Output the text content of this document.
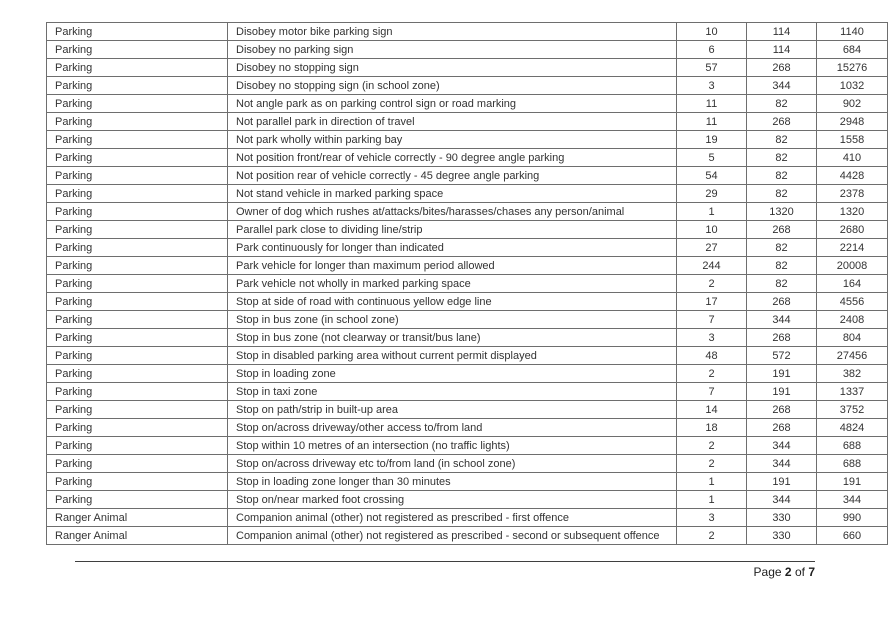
Parking	Disobey motor bike parking sign	10	114	1140
Parking	Disobey no parking sign	6	114	684
Parking	Disobey no stopping sign	57	268	15276
Parking	Disobey no stopping sign (in school zone)	3	344	1032
Parking	Not angle park as on parking control sign or road marking	11	82	902
Parking	Not parallel park in direction of travel	11	268	2948
Parking	Not park wholly within parking bay	19	82	1558
Parking	Not position front/rear of vehicle correctly - 90 degree angle parking	5	82	410
Parking	Not position rear of vehicle correctly - 45 degree angle parking	54	82	4428
Parking	Not stand vehicle in marked parking space	29	82	2378
Parking	Owner of dog which rushes at/attacks/bites/harasses/chases any person/animal	1	1320	1320
Parking	Parallel park close to dividing line/strip	10	268	2680
Parking	Park continuously for longer than indicated	27	82	2214
Parking	Park vehicle for longer than maximum period allowed	244	82	20008
Parking	Park vehicle not wholly in marked parking space	2	82	164
Parking	Stop at side of road with continuous yellow edge line	17	268	4556
Parking	Stop in bus zone (in school zone)	7	344	2408
Parking	Stop in bus zone (not clearway or transit/bus lane)	3	268	804
Parking	Stop in disabled parking area without current permit displayed	48	572	27456
Parking	Stop in loading zone	2	191	382
Parking	Stop in taxi zone	7	191	1337
Parking	Stop on path/strip in built-up area	14	268	3752
Parking	Stop on/across driveway/other access to/from land	18	268	4824
Parking	Stop within 10 metres of an intersection (no traffic lights)	2	344	688
Parking	Stop on/across driveway etc to/from land (in school zone)	2	344	688
Parking	Stop in loading zone longer than 30 minutes	1	191	191
Parking	Stop on/near marked foot crossing	1	344	344
Ranger Animal	Companion animal (other) not registered as prescribed - first offence	3	330	990
Ranger Animal	Companion animal (other) not registered as prescribed - second or subsequent offence	2	330	660
Page 2 of 7
